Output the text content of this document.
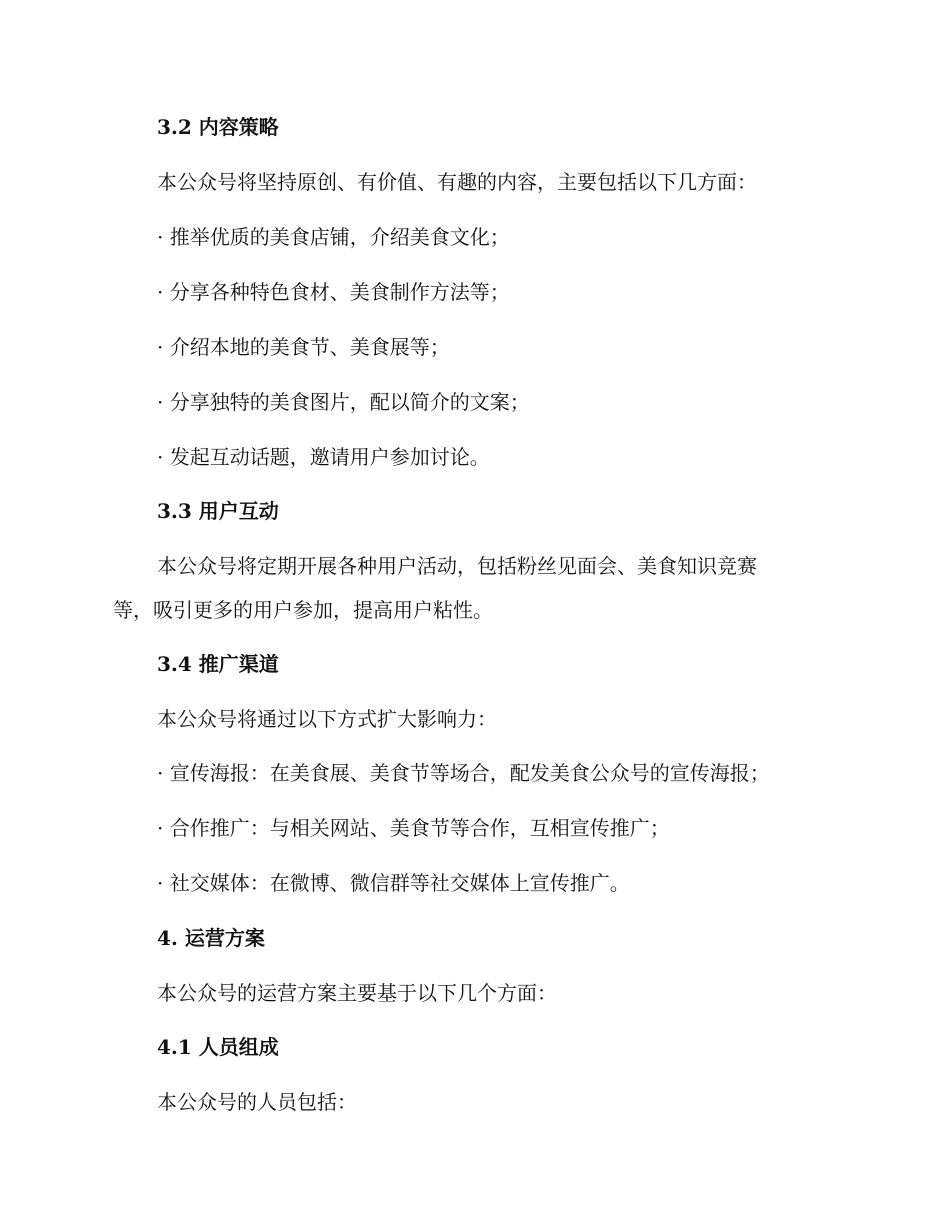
3.2 内容策略
本公众号将坚持原创、有价值、有趣的内容，主要包括以下几方面：
· 推举优质的美食店铺，介绍美食文化；
· 分享各种特色食材、美食制作方法等；
· 介绍本地的美食节、美食展等；
· 分享独特的美食图片，配以简介的文案；
· 发起互动话题，邀请用户参加讨论。
3.3 用户互动
本公众号将定期开展各种用户活动，包括粉丝见面会、美食知识竞赛
等，吸引更多的用户参加，提高用户粘性。
3.4 推广渠道
本公众号将通过以下方式扩大影响力：
· 宣传海报：在美食展、美食节等场合，配发美食公众号的宣传海报；
· 合作推广：与相关网站、美食节等合作，互相宣传推广；
· 社交媒体：在微博、微信群等社交媒体上宣传推广。
4. 运营方案
本公众号的运营方案主要基于以下几个方面：
4.1 人员组成
本公众号的人员包括：
